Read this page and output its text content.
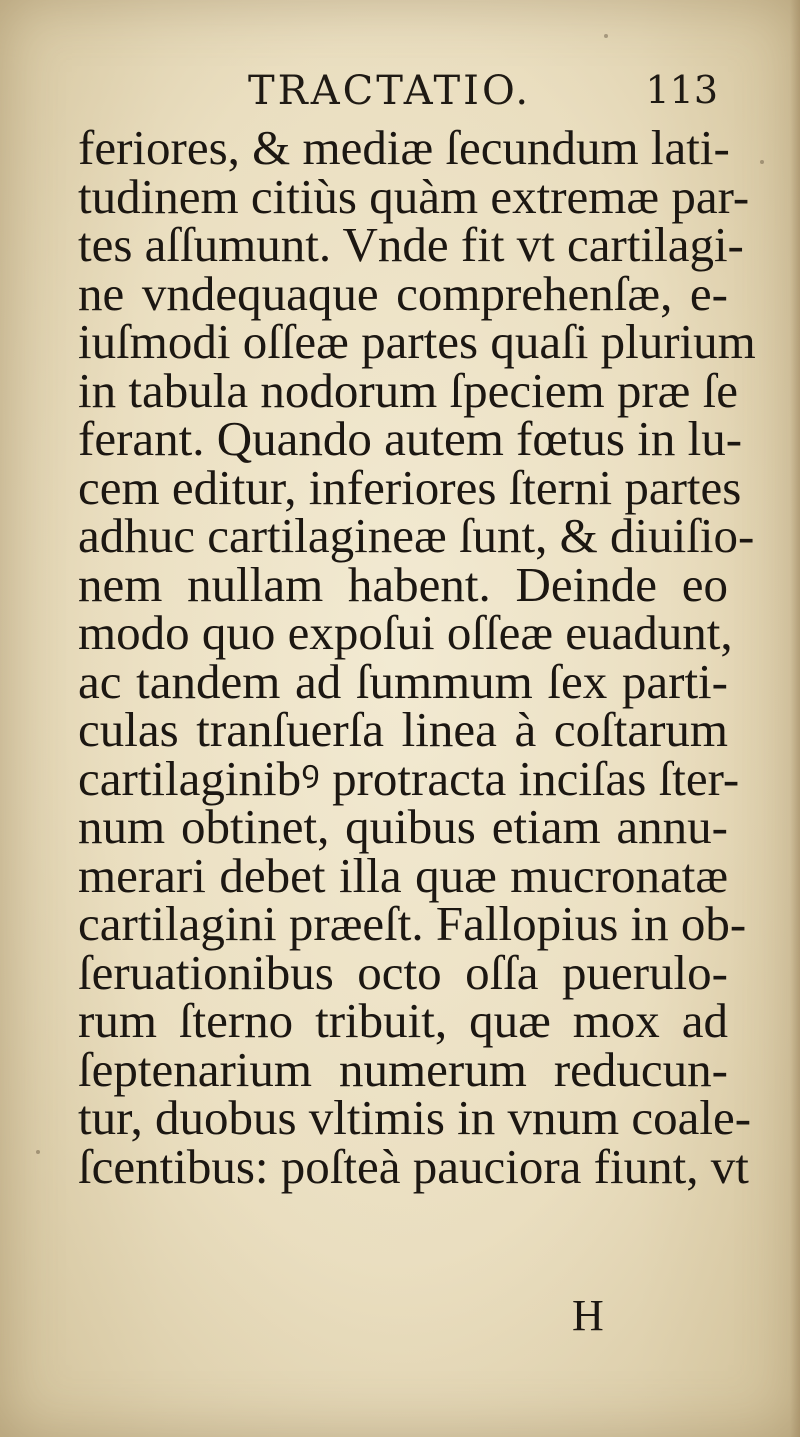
TRACTATIO.	113
feriores, & mediæ ſecundum lati-
tudinem citiùs quàm extremæ par-
tes aſſumunt. Vnde fit vt cartilagi-
ne vndequaque comprehenſæ, e-
iuſmodi oſſeæ partes quaſi plurium
in tabula nodorum ſpeciem præ ſe
ferant. Quando autem fœtus in lu-
cem editur, inferiores ſterni partes
adhuc cartilagineæ ſunt, & diuiſio-
nem nullam habent. Deinde eo
modo quo expoſui oſſeæ euadunt,
ac tandem ad ſummum ſex parti-
culas tranſuerſa linea à coſtarum
cartilaginibꝰ protracta inciſas ſter-
num obtinet, quibus etiam annu-
merari debet illa quæ mucronatæ
cartilagini præeſt. Fallopius in ob-
ſeruationibus octo oſſa puerulo-
rum ſterno tribuit, quæ mox ad
ſeptenarium numerum reducun-
tur, duobus vltimis in vnum coale-
ſcentibus: poſteà pauciora fiunt, vt
H
